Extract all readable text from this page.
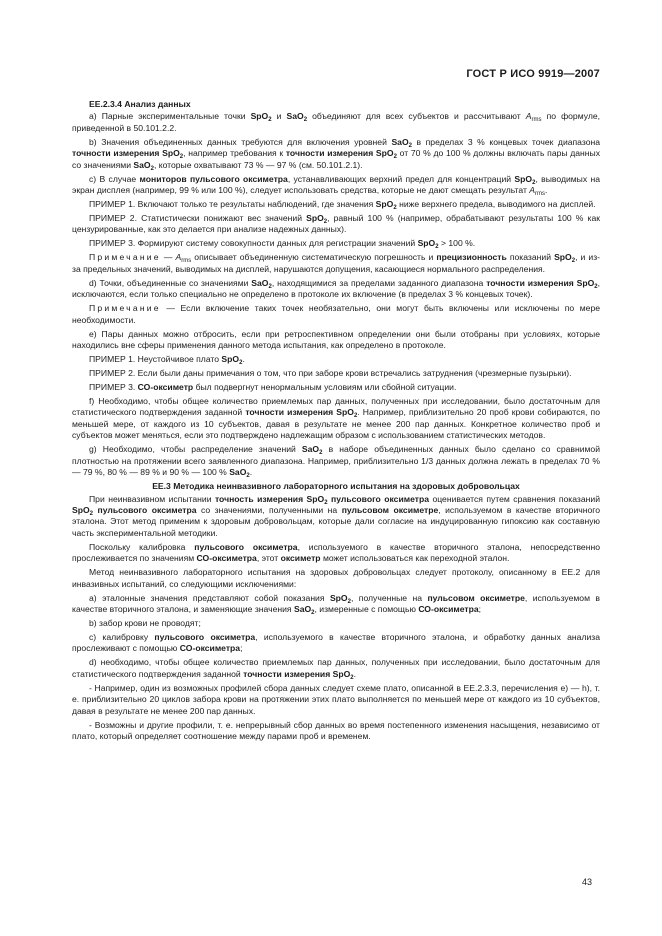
ГОСТ Р ИСО 9919—2007

ЕЕ.2.3.4 Анализ данных

а) Парные экспериментальные точки SpO$_2$ и SaO$_2$ объединяют для всех субъектов и рассчитывают $A_{rms}$ по формуле, приведенной в 50.101.2.2.

b) Значения объединенных данных требуются для включения уровней SaO$_2$ в пределах 3 % концевых точек диапазона точности измерения SpO$_2$, например требования к точности измерения SpO$_2$ от 70 % до 100 % должны включать пары данных со значениями SaO$_2$, которые охватывают 73 % — 97 % (см. 50.101.2.1).

с) В случае мониторов пульсового оксиметра, устанавливающих верхний предел для концентраций SpO$_2$, выводимых на экран дисплея (например, 99 % или 100 %), следует использовать средства, которые не дают смещать результат $A_{rms}$.

ПРИМЕР 1. Включают только те результаты наблюдений, где значения SpO$_2$ ниже верхнего предела, выводимого на дисплей.

ПРИМЕР 2. Статистически понижают вес значений SpO$_2$, равный 100 % (например, обрабатывают результаты 100 % как цензурированные, как это делается при анализе надежных данных).

ПРИМЕР 3. Формируют систему совокупности данных для регистрации значений SpO$_2$ > 100 %.

Примечание — $A_{rms}$ описывает объединенную систематическую погрешность и прецизионность показаний SpO$_2$, и из-за предельных значений, выводимых на дисплей, нарушаются допущения, касающиеся нормального распределения.

d) Точки, объединенные со значениями SaO$_2$, находящимися за пределами заданного диапазона точности измерения SpO$_2$, исключаются, если только специально не определено в протоколе их включение (в пределах 3 % концевых точек).

Примечание — Если включение таких точек необязательно, они могут быть включены или исключены по мере необходимости.

е) Пары данных можно отбросить, если при ретроспективном определении они были отобраны при условиях, которые находились вне сферы применения данного метода испытания, как определено в протоколе.

ПРИМЕР 1. Неустойчивое плато SpO$_2$.

ПРИМЕР 2. Если были даны примечания о том, что при заборе крови встречались затруднения (чрезмерные пузырьки).

ПРИМЕР 3. СО-оксиметр был подвергнут ненормальным условиям или сбойной ситуации.

f) Необходимо, чтобы общее количество приемлемых пар данных, полученных при исследовании, было достаточным для статистического подтверждения заданной точности измерения SpO$_2$. Например, приблизительно 20 проб крови собираются, по меньшей мере, от каждого из 10 субъектов, давая в результате не менее 200 пар данных. Конкретное количество проб и субъектов может меняться, если это подтверждено надлежащим образом с использованием статистических методов.

g) Необходимо, чтобы распределение значений SaO$_2$ в наборе объединенных данных было сделано со сравнимой плотностью на протяжении всего заявленного диапазона. Например, приблизительно 1/3 данных должна лежать в пределах 70 % — 79 %, 80 % — 89 % и 90 % — 100 % SaO$_2$.

ЕЕ.3 Методика неинвазивного лабораторного испытания на здоровых добровольцах

При неинвазивном испытании точность измерения SpO$_2$ пульсового оксиметра оценивается путем сравнения показаний SpO$_2$ пульсового оксиметра со значениями, полученными на пульсовом оксиметре, используемом в качестве вторичного эталона. Этот метод применим к здоровым добровольцам, которые дали согласие на индуцированную гипоксию как составную часть экспериментальной методики.

Поскольку калибровка пульсового оксиметра, используемого в качестве вторичного эталона, непосредственно прослеживается по значениям СО-оксиметра, этот оксиметр может использоваться как переходной эталон.

Метод неинвазивного лабораторного испытания на здоровых добровольцах следует протоколу, описанному в ЕЕ.2 для инвазивных испытаний, со следующими исключениями:

а) эталонные значения представляют собой показания SpO$_2$, полученные на пульсовом оксиметре, используемом в качестве вторичного эталона, и заменяющие значения SaO$_2$, измеренные с помощью СО-оксиметра;

b) забор крови не проводят;

с) калибровку пульсового оксиметра, используемого в качестве вторичного эталона, и обработку данных анализа прослеживают с помощью СО-оксиметра;

d) необходимо, чтобы общее количество приемлемых пар данных, полученных при исследовании, было достаточным для статистического подтверждения заданной точности измерения SpO$_2$.

- Например, один из возможных профилей сбора данных следует схеме плато, описанной в ЕЕ.2.3.3, перечисления е) — h), т. е. приблизительно 20 циклов забора крови на протяжении этих плато выполняется по меньшей мере от каждого из 10 субъектов, давая в результате не менее 200 пар данных.

- Возможны и другие профили, т. е. непрерывный сбор данных во время постепенного изменения насыщения, независимо от плато, который определяет соотношение между парами проб и временем.

43
